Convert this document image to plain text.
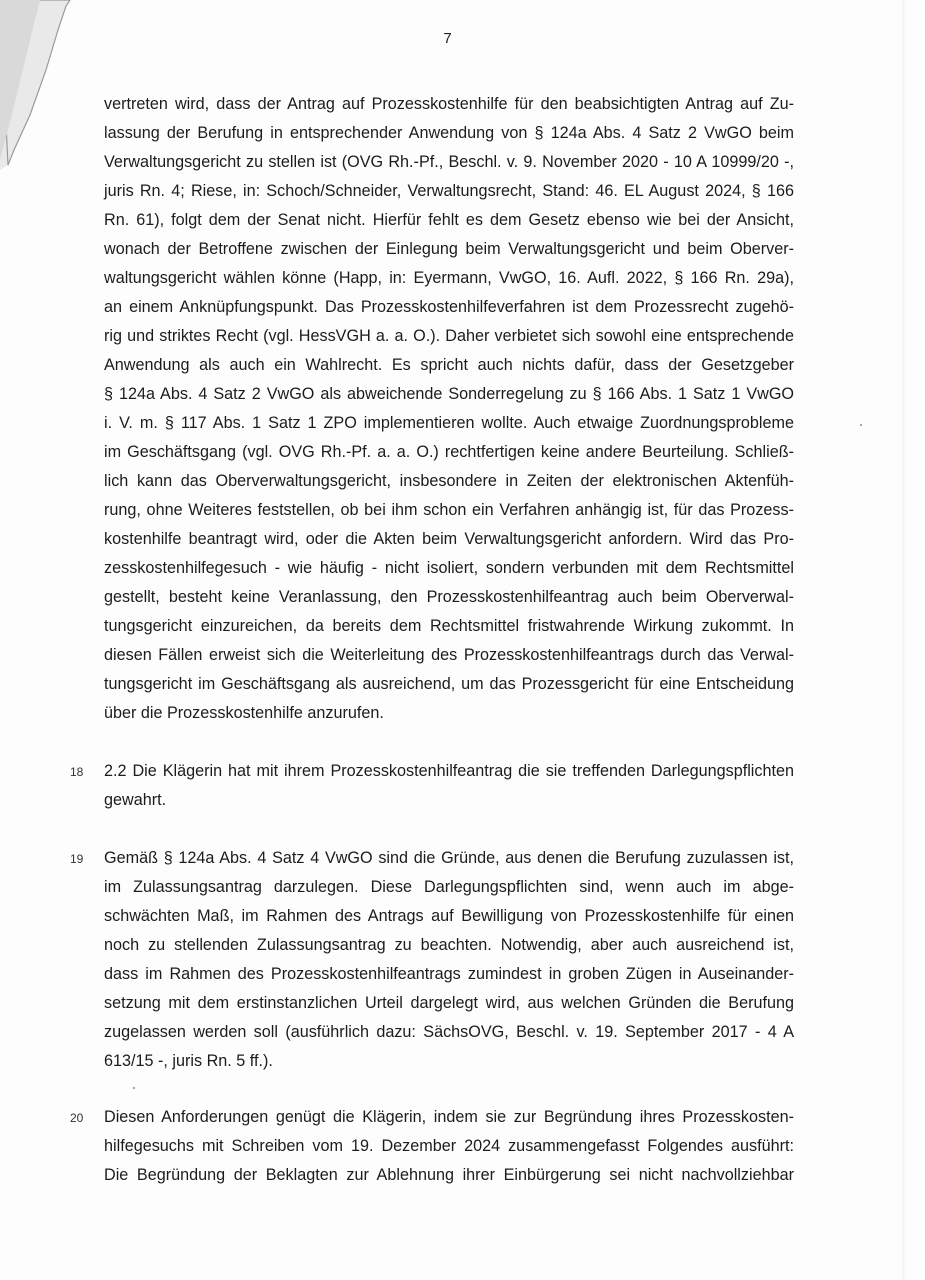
7
vertreten wird, dass der Antrag auf Prozesskostenhilfe für den beabsichtigten Antrag auf Zu-
lassung der Berufung in entsprechender Anwendung von § 124a Abs. 4 Satz 2 VwGO beim
Verwaltungsgericht zu stellen ist (OVG Rh.-Pf., Beschl. v. 9. November 2020 - 10 A 10999/20 -,
juris Rn. 4; Riese, in: Schoch/Schneider, Verwaltungsrecht, Stand: 46. EL August 2024, § 166
Rn. 61), folgt dem der Senat nicht. Hierfür fehlt es dem Gesetz ebenso wie bei der Ansicht,
wonach der Betroffene zwischen der Einlegung beim Verwaltungsgericht und beim Oberver-
waltungsgericht wählen könne (Happ, in: Eyermann, VwGO, 16. Aufl. 2022, § 166 Rn. 29a),
an einem Anknüpfungspunkt. Das Prozesskostenhilfeverfahren ist dem Prozessrecht zugehö-
rig und striktes Recht (vgl. HessVGH a. a. O.). Daher verbietet sich sowohl eine entsprechende
Anwendung als auch ein Wahlrecht. Es spricht auch nichts dafür, dass der Gesetzgeber
§ 124a Abs. 4 Satz 2 VwGO als abweichende Sonderregelung zu § 166 Abs. 1 Satz 1 VwGO
i. V. m. § 117 Abs. 1 Satz 1 ZPO implementieren wollte. Auch etwaige Zuordnungsprobleme
im Geschäftsgang (vgl. OVG Rh.-Pf. a. a. O.) rechtfertigen keine andere Beurteilung. Schließ-
lich kann das Oberverwaltungsgericht, insbesondere in Zeiten der elektronischen Aktenfüh-
rung, ohne Weiteres feststellen, ob bei ihm schon ein Verfahren anhängig ist, für das Prozess-
kostenhilfe beantragt wird, oder die Akten beim Verwaltungsgericht anfordern. Wird das Pro-
zesskostenhilfegesuch - wie häufig - nicht isoliert, sondern verbunden mit dem Rechtsmittel
gestellt, besteht keine Veranlassung, den Prozesskostenhilfeantrag auch beim Oberverwal-
tungsgericht einzureichen, da bereits dem Rechtsmittel fristwahrende Wirkung zukommt. In
diesen Fällen erweist sich die Weiterleitung des Prozesskostenhilfeantrags durch das Verwal-
tungsgericht im Geschäftsgang als ausreichend, um das Prozessgericht für eine Entscheidung
über die Prozesskostenhilfe anzurufen.
18 2.2 Die Klägerin hat mit ihrem Prozesskostenhilfeantrag die sie treffenden Darlegungspflichten
gewahrt.
19 Gemäß § 124a Abs. 4 Satz 4 VwGO sind die Gründe, aus denen die Berufung zuzulassen ist,
im Zulassungsantrag darzulegen. Diese Darlegungspflichten sind, wenn auch im abge-
schwächten Maß, im Rahmen des Antrags auf Bewilligung von Prozesskostenhilfe für einen
noch zu stellenden Zulassungsantrag zu beachten. Notwendig, aber auch ausreichend ist,
dass im Rahmen des Prozesskostenhilfeantrags zumindest in groben Zügen in Auseinander-
setzung mit dem erstinstanzlichen Urteil dargelegt wird, aus welchen Gründen die Berufung
zugelassen werden soll (ausführlich dazu: SächsOVG, Beschl. v. 19. September 2017 - 4 A
613/15 -, juris Rn. 5 ff.).
20 Diesen Anforderungen genügt die Klägerin, indem sie zur Begründung ihres Prozesskosten-
hilfegesuchs mit Schreiben vom 19. Dezember 2024 zusammengefasst Folgendes ausführt:
Die Begründung der Beklagten zur Ablehnung ihrer Einbürgerung sei nicht nachvollziehbar
